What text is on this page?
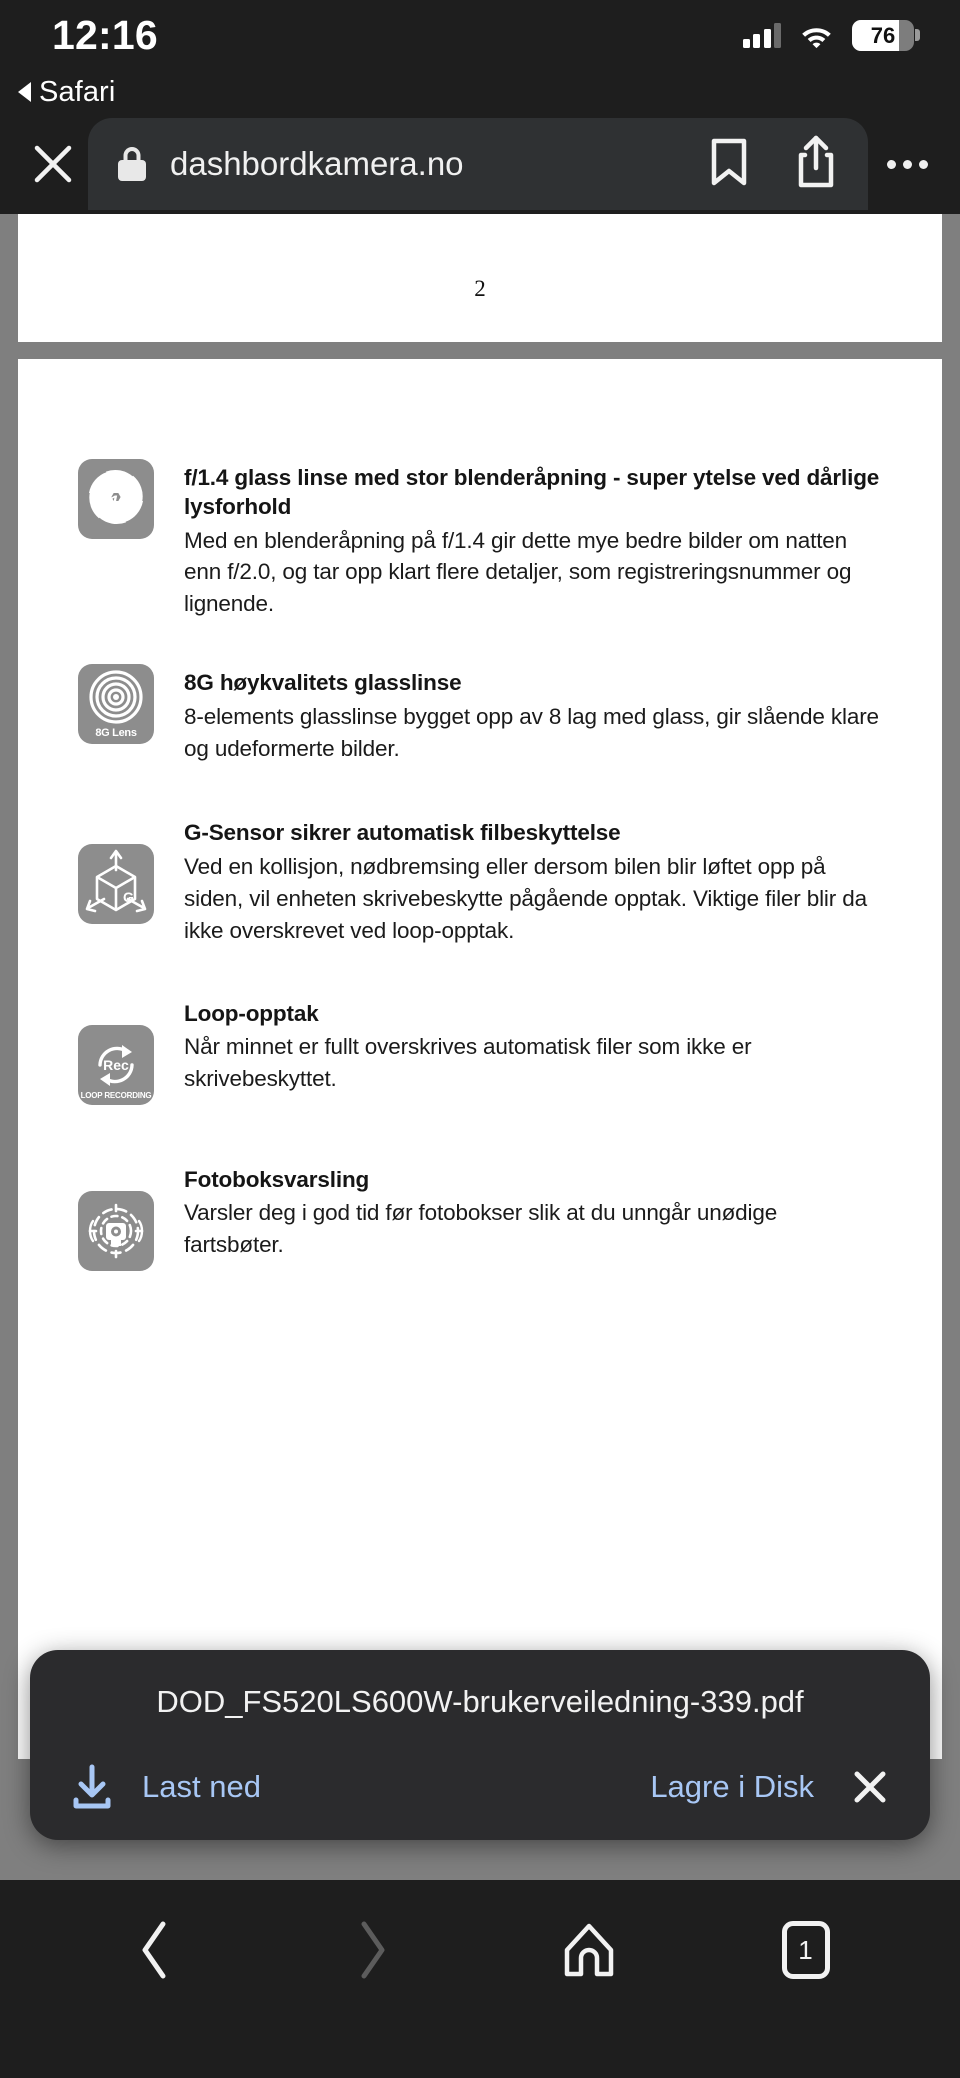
12:16	76
Safari
dashbordkamera.no
2
f/1.4
f/1.4 glass linse med stor blenderåpning - super ytelse ved dårlige lysforhold

Med en blenderåpning på f/1.4 gir dette mye bedre bilder om natten enn f/2.0, og tar opp klart flere detaljer, som registreringsnummer og lignende.

8G Lens
8G høykvalitets glasslinse

8-elements glasslinse bygget opp av 8 lag med glass, gir slående klare og udeformerte bilder.

G
G-Sensor sikrer automatisk filbeskyttelse

Ved en kollisjon, nødbremsing eller dersom bilen blir løftet opp på siden, vil enheten skrivebeskytte pågående opptak. Viktige filer blir da ikke overskrevet ved loop-opptak.

Rec
LOOP RECORDING
Loop-opptak

Når minnet er fullt overskrives automatisk filer som ikke er skrivebeskyttet.

Fotoboksvarsling

Varsler deg i god tid før fotobokser slik at du unngår unødige fartsbøter.

DOD_FS520LS600W-brukerveiledning-339.pdf
Last ned	Lagre i Disk
1
